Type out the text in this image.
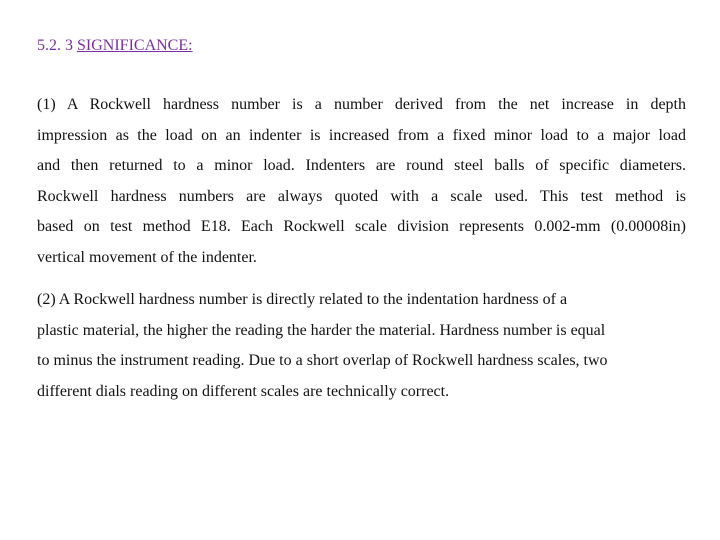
5.2. 3 SIGNIFICANCE:

(1) A Rockwell hardness number is a number derived from the net increase in depth
impression as the load on an indenter is increased from a fixed minor load to a major load
and then returned to a minor load. Indenters are round steel balls of specific diameters.
Rockwell hardness numbers are always quoted with a scale used. This test method is
based on test method E18. Each Rockwell scale division represents 0.002-mm (0.00008in)
vertical movement of the indenter.

(2) A Rockwell hardness number is directly related to the indentation hardness of a
plastic material, the higher the reading the harder the material. Hardness number is equal
to minus the instrument reading. Due to a short overlap of Rockwell hardness scales, two
different dials reading on different scales are technically correct.
